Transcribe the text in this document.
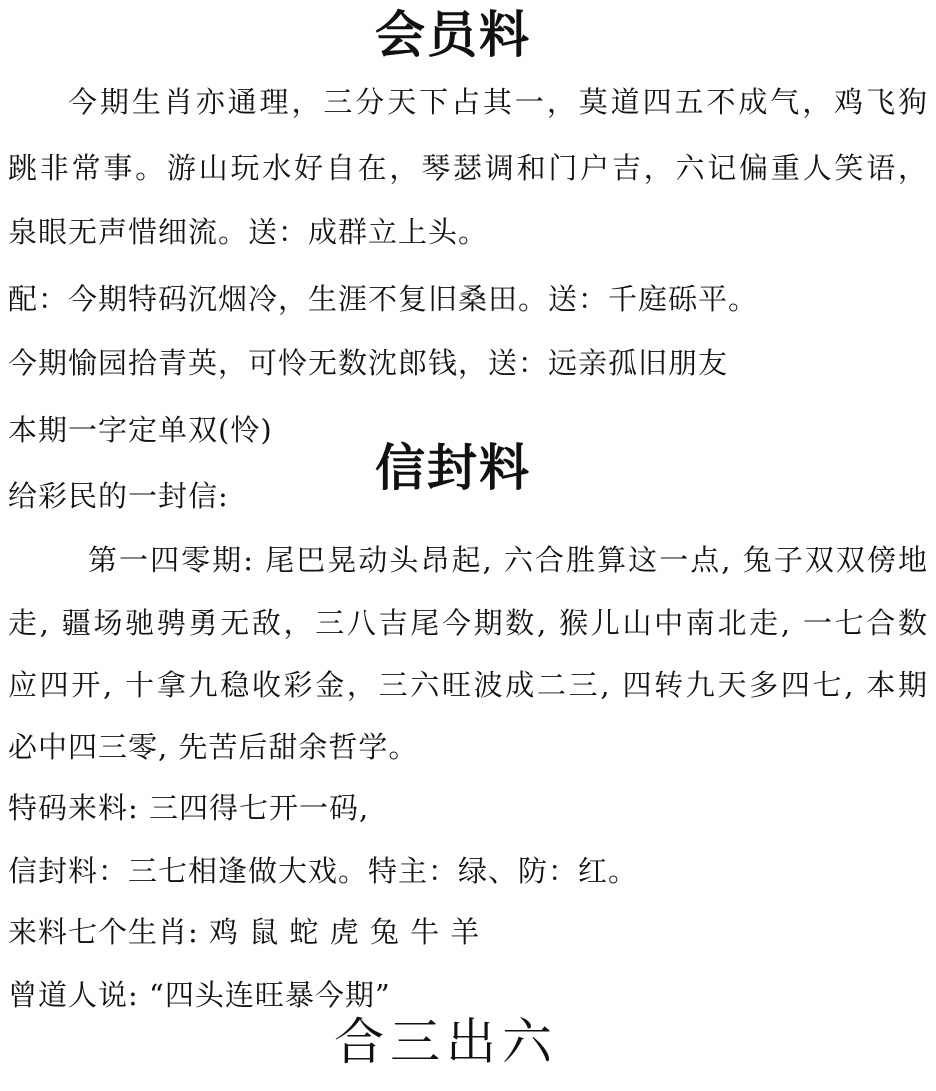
会员料
今期生肖亦通理，三分天下占其一，莫道四五不成气，鸡飞狗
跳非常事。游山玩水好自在，琴瑟调和门户吉，六记偏重人笑语，
泉眼无声惜细流。送：成群立上头。
配：今期特码沉烟冷，生涯不复旧桑田。送：千庭砾平。
今期愉园拾青英，可怜无数沈郎钱，送：远亲孤旧朋友
本期一字定单双(怜)
信封料
给彩民的一封信:
第一四零期: 尾巴晃动头昂起, 六合胜算这一点, 兔子双双傍地
走, 疆场驰骋勇无敌，三八吉尾今期数, 猴儿山中南北走, 一七合数
应四开, 十拿九稳收彩金，三六旺波成二三, 四转九天多四七, 本期
必中四三零, 先苦后甜余哲学。
特码来料: 三四得七开一码,
信封料：三七相逢做大戏。特主：绿、防：红。
来料七个生肖: 鸡 鼠 蛇 虎 兔 牛 羊
曾道人说: “四头连旺暴今期”
合三出六
